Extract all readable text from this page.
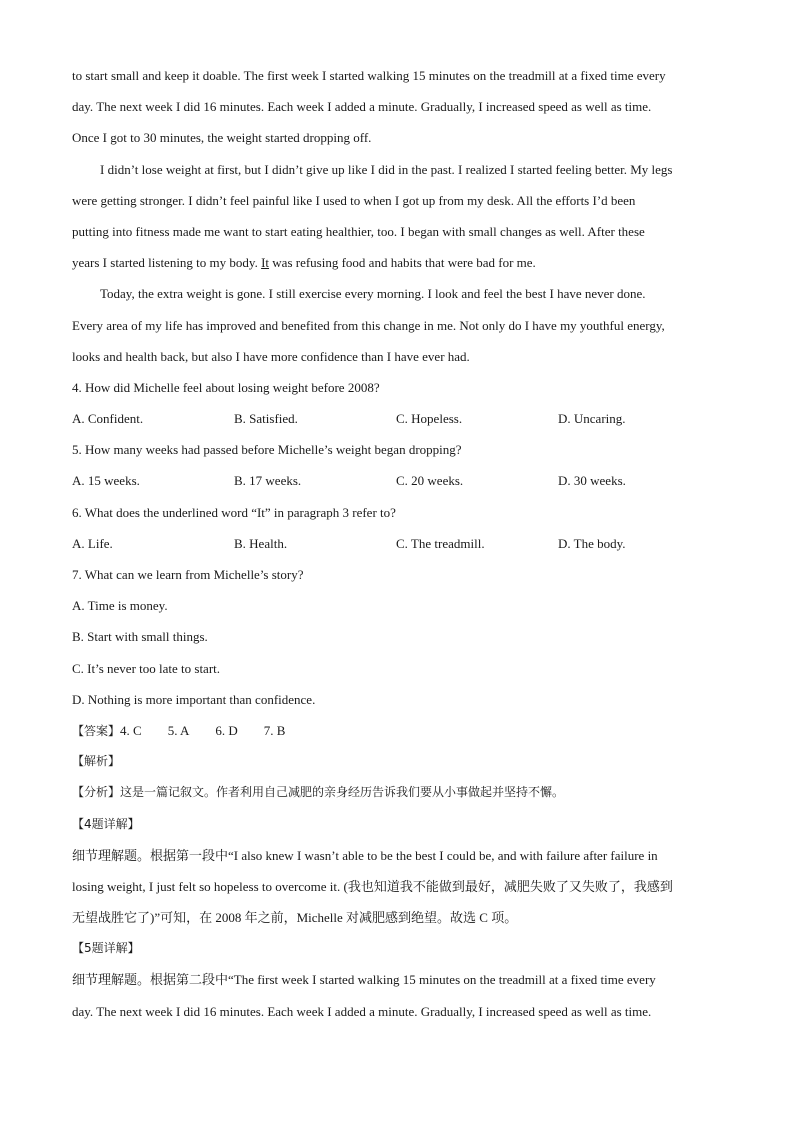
to start small and keep it doable. The first week I started walking 15 minutes on the treadmill at a fixed time every
day. The next week I did 16 minutes. Each week I added a minute. Gradually, I increased speed as well as time.
Once I got to 30 minutes, the weight started dropping off.
I didn’t lose weight at first, but I didn’t give up like I did in the past. I realized I started feeling better. My legs
were getting stronger. I didn’t feel painful like I used to when I got up from my desk. All the efforts I’d been
putting into fitness made me want to start eating healthier, too. I began with small changes as well. After these
years I started listening to my body. It was refusing food and habits that were bad for me.
Today, the extra weight is gone. I still exercise every morning. I look and feel the best I have never done.
Every area of my life has improved and benefited from this change in me. Not only do I have my youthful energy,
looks and health back, but also I have more confidence than I have ever had.
4. How did Michelle feel about losing weight before 2008?
A. Confident.	B. Satisfied.	C. Hopeless.	D. Uncaring.
5. How many weeks had passed before Michelle’s weight began dropping?
A. 15 weeks.	B. 17 weeks.	C. 20 weeks.	D. 30 weeks.
6. What does the underlined word “It” in paragraph 3 refer to?
A. Life.	B. Health.	C. The treadmill.	D. The body.
7. What can we learn from Michelle’s story?
A. Time is money.
B. Start with small things.
C. It’s never too late to start.
D. Nothing is more important than confidence.
【答案】4. C 5. A 6. D 7. B
【解析】
【分析】这是一篇记叙文。作者利用自己减肥的亲身经历告诉我们要从小事做起并坚持不懈。
【4题详解】
细节理解题。根据第一段中“I also knew I wasn’t able to be the best I could be, and with failure after failure in
losing weight, I just felt so hopeless to overcome it. (我也知道我不能做到最好，减肥失败了又失败了，我感到
无望战胜它了)”可知，在 2008 年之前，Michelle 对减肥感到绝望。故选 C 项。
【5题详解】
细节理解题。根据第二段中“The first week I started walking 15 minutes on the treadmill at a fixed time every
day. The next week I did 16 minutes. Each week I added a minute. Gradually, I increased speed as well as time.
